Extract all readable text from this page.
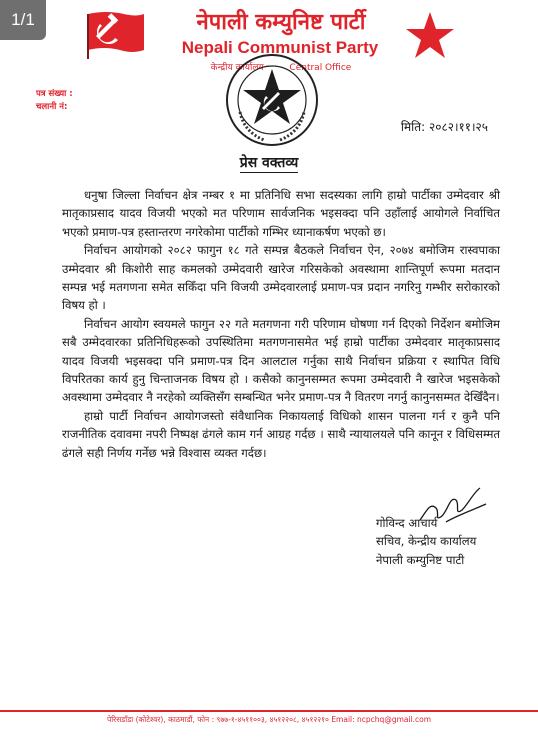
1/1	नेपाली कम्युनिष्ट पार्टी
Nepali Communist Party
केन्द्रीय कार्यालय	Central Office
पत्र संख्या :
चलानी नं:
मिति: २०८२।११।२५
प्रेस वक्तव्य

धनुषा जिल्ला निर्वाचन क्षेत्र नम्बर १ मा प्रतिनिधि सभा सदस्यका लागि हाम्रो पार्टीका उम्मेदवार श्री मातृकाप्रसाद यादव विजयी भएको मत परिणाम सार्वजनिक भइसक्दा पनि उहाँलाई आयोगले निर्वाचित भएको प्रमाण-पत्र हस्तान्तरण नगरेकोमा पार्टीको गम्भिर ध्यानाकर्षण भएको छ।

निर्वाचन आयोगको २०८२ फागुन १८ गते सम्पन्न बैठकले निर्वाचन ऐन, २०७४ बमोजिम रास्वपाका उम्मेदवार श्री किशोरी साह कमलको उम्मेदवारी खारेज गरिसकेको अवस्थामा शान्तिपूर्ण रूपमा मतदान सम्पन्न भई मतगणना समेत सकिँदा पनि विजयी उम्मेदवारलाई प्रमाण-पत्र प्रदान नगरिनु गम्भीर सरोकारको विषय हो ।

निर्वाचन आयोग स्वयमले फागुन २२ गते मतगणना गरी परिणाम घोषणा गर्न दिएको निर्देशन बमोजिम सबै उम्मेदवारका प्रतिनिधिहरूको उपस्थितिमा मतगणनासमेत भई हाम्रो पार्टीका उम्मेदवार मातृकाप्रसाद यादव विजयी भइसक्दा पनि प्रमाण-पत्र दिन आलटाल गर्नुका साथै निर्वाचन प्रक्रिया र स्थापित विधि विपरितका कार्य हुनु चिन्ताजनक विषय हो । कसैको कानुनसम्मत रूपमा उम्मेदवारी नै खारेज भइसकेको अवस्थामा उम्मेदवार नै नरहेको व्यक्तिसँग सम्बन्धित भनेर प्रमाण-पत्र नै वितरण नगर्नु कानुनसम्मत देखिँदैन।

हाम्रो पार्टी निर्वाचन आयोगजस्तो संवैधानिक निकायलाई विधिको शासन पालना गर्न र कुनै पनि राजनीतिक दवावमा नपरी निष्पक्ष ढंगले काम गर्न आग्रह गर्दछ । साथै न्यायालयले पनि कानून र विधिसम्मत ढंगले सही निर्णय गर्नेछ भन्ने विश्वास व्यक्त गर्दछ।

गोविन्द आचार्य
सचिव, केन्द्रीय कार्यालय
नेपाली कम्युनिष्ट पाटी
पेरिसडाँडा (कोटेश्वर), काठमाडौं, फोन : ९७७-१-४५११००३, ४५१२२०८, ४५१२२१० Email: ncpchq@gmail.com
